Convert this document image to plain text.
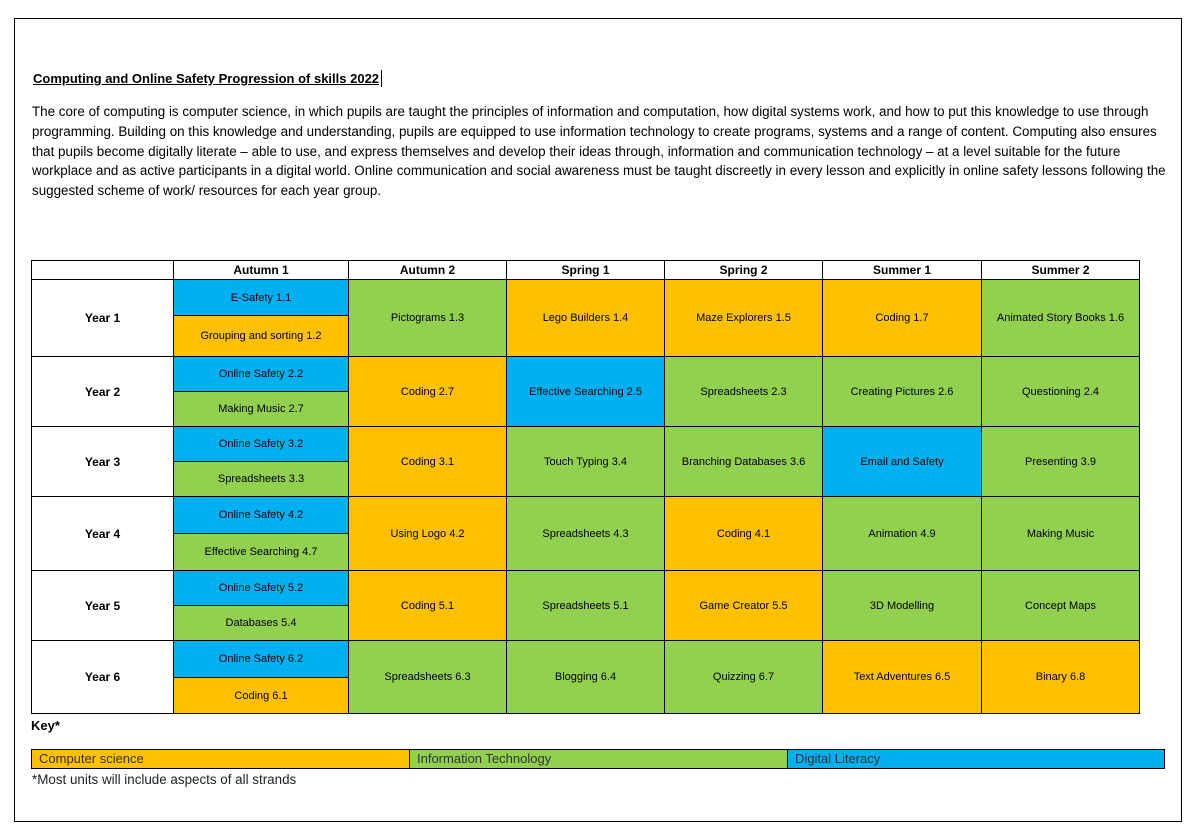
Computing and Online Safety Progression of skills 2022

The core of computing is computer science, in which pupils are taught the principles of information and computation, how digital systems work, and how to put this knowledge to use through programming. Building on this knowledge and understanding, pupils are equipped to use information technology to create programs, systems and a range of content. Computing also ensures that pupils become digitally literate – able to use, and express themselves and develop their ideas through, information and communication technology – at a level suitable for the future workplace and as active participants in a digital world. Online communication and social awareness must be taught discreetly in every lesson and explicitly in online safety lessons following the suggested scheme of work/ resources for each year group.

	Autumn 1	Autumn 2	Spring 1	Spring 2	Summer 1	Summer 2
Year 1	E-Safety 1.1	Pictograms 1.3	Lego Builders 1.4	Maze Explorers 1.5	Coding 1.7	Animated Story Books 1.6
	Grouping and sorting 1.2					
Year 2	Online Safety 2.2	Coding 2.7	Effective Searching 2.5	Spreadsheets 2.3	Creating Pictures 2.6	Questioning 2.4
	Making Music 2.7					
Year 3	Online Safety 3.2	Coding 3.1	Touch Typing 3.4	Branching Databases 3.6	Email and Safety	Presenting 3.9
	Spreadsheets 3.3					
Year 4	Online Safety 4.2	Using Logo 4.2	Spreadsheets 4.3	Coding 4.1	Animation 4.9	Making Music
	Effective Searching 4.7					
Year 5	Online Safety 5.2	Coding 5.1	Spreadsheets 5.1	Game Creator 5.5	3D Modelling	Concept Maps
	Databases 5.4					
Year 6	Online Safety 6.2	Spreadsheets 6.3	Blogging 6.4	Quizzing 6.7	Text Adventures 6.5	Binary 6.8
	Coding 6.1					
Key*
Computer science	Information Technology	Digital Literacy
*Most units will include aspects of all strands
